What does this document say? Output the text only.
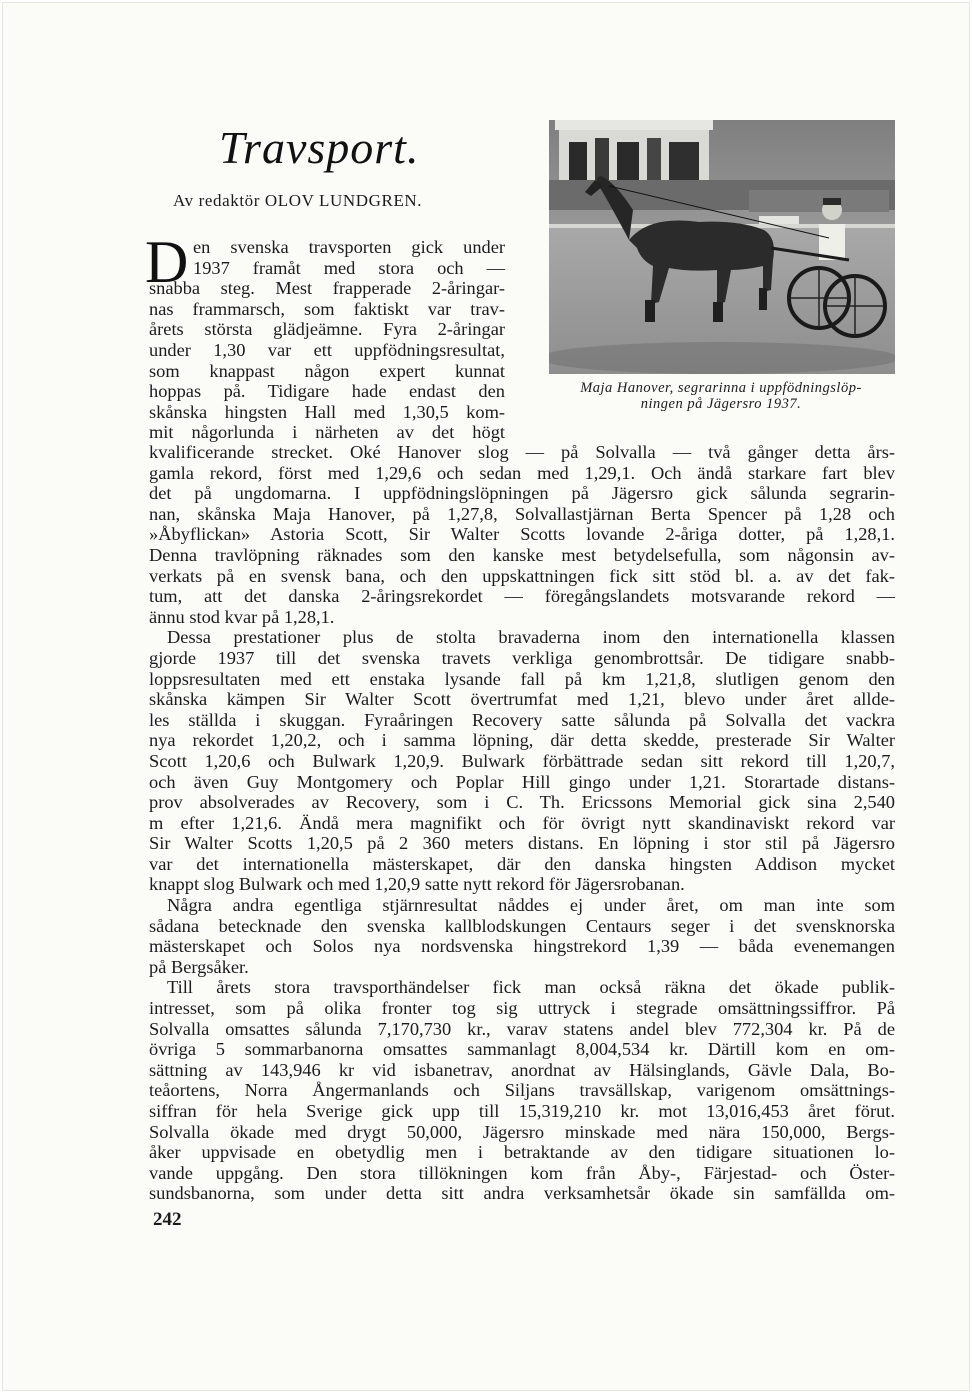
Travsport.
Av redaktör OLOV LUNDGREN.
Maja Hanover, segrarinna i uppfödningslöp-
ningen på Jägersro 1937.
D en svenska travsporten gick under
1937 framåt med stora och —
snabba steg. Mest frapperade 2-åringar-
nas frammarsch, som faktiskt var trav-
årets största glädjeämne. Fyra 2-åringar
under 1,30 var ett uppfödningsresultat,
som knappast någon expert kunnat
hoppas på. Tidigare hade endast den
skånska hingsten Hall med 1,30,5 kom-
mit någorlunda i närheten av det högt
kvalificerande strecket. Oké Hanover slog — på Solvalla — två gånger detta års-
gamla rekord, först med 1,29,6 och sedan med 1,29,1. Och ändå starkare fart blev
det på ungdomarna. I uppfödningslöpningen på Jägersro gick sålunda segrarin-
nan, skånska Maja Hanover, på 1,27,8, Solvallastjärnan Berta Spencer på 1,28 och
»Åbyflickan» Astoria Scott, Sir Walter Scotts lovande 2-åriga dotter, på 1,28,1.
Denna travlöpning räknades som den kanske mest betydelsefulla, som någonsin av-
verkats på en svensk bana, och den uppskattningen fick sitt stöd bl. a. av det fak-
tum, att det danska 2-åringsrekordet — föregångslandets motsvarande rekord —
ännu stod kvar på 1,28,1.
Dessa prestationer plus de stolta bravaderna inom den internationella klassen
gjorde 1937 till det svenska travets verkliga genombrottsår. De tidigare snabb-
loppsresultaten med ett enstaka lysande fall på km 1,21,8, slutligen genom den
skånska kämpen Sir Walter Scott övertrumfat med 1,21, blevo under året allde-
les ställda i skuggan. Fyraåringen Recovery satte sålunda på Solvalla det vackra
nya rekordet 1,20,2, och i samma löpning, där detta skedde, presterade Sir Walter
Scott 1,20,6 och Bulwark 1,20,9. Bulwark förbättrade sedan sitt rekord till 1,20,7,
och även Guy Montgomery och Poplar Hill gingo under 1,21. Storartade distans-
prov absolverades av Recovery, som i C. Th. Ericssons Memorial gick sina 2,540
m efter 1,21,6. Ändå mera magnifikt och för övrigt nytt skandinaviskt rekord var
Sir Walter Scotts 1,20,5 på 2 360 meters distans. En löpning i stor stil på Jägersro
var det internationella mästerskapet, där den danska hingsten Addison mycket
knappt slog Bulwark och med 1,20,9 satte nytt rekord för Jägersrobanan.
Några andra egentliga stjärnresultat nåddes ej under året, om man inte som
sådana betecknade den svenska kallblodskungen Centaurs seger i det svensknorska
mästerskapet och Solos nya nordsvenska hingstrekord 1,39 — båda evenemangen
på Bergsåker.
Till årets stora travsporthändelser fick man också räkna det ökade publik-
intresset, som på olika fronter tog sig uttryck i stegrade omsättningssiffror. På
Solvalla omsattes sålunda 7,170,730 kr., varav statens andel blev 772,304 kr. På de
övriga 5 sommarbanorna omsattes sammanlagt 8,004,534 kr. Därtill kom en om-
sättning av 143,946 kr vid isbanetrav, anordnat av Hälsinglands, Gävle Dala, Bo-
teåortens, Norra Ångermanlands och Siljans travsällskap, varigenom omsättnings-
siffran för hela Sverige gick upp till 15,319,210 kr. mot 13,016,453 året förut.
Solvalla ökade med drygt 50,000, Jägersro minskade med nära 150,000, Bergs-
åker uppvisade en obetydlig men i betraktande av den tidigare situationen lo-
vande uppgång. Den stora tillökningen kom från Åby-, Färjestad- och Öster-
sundsbanorna, som under detta sitt andra verksamhetsår ökade sin samfällda om-
242
